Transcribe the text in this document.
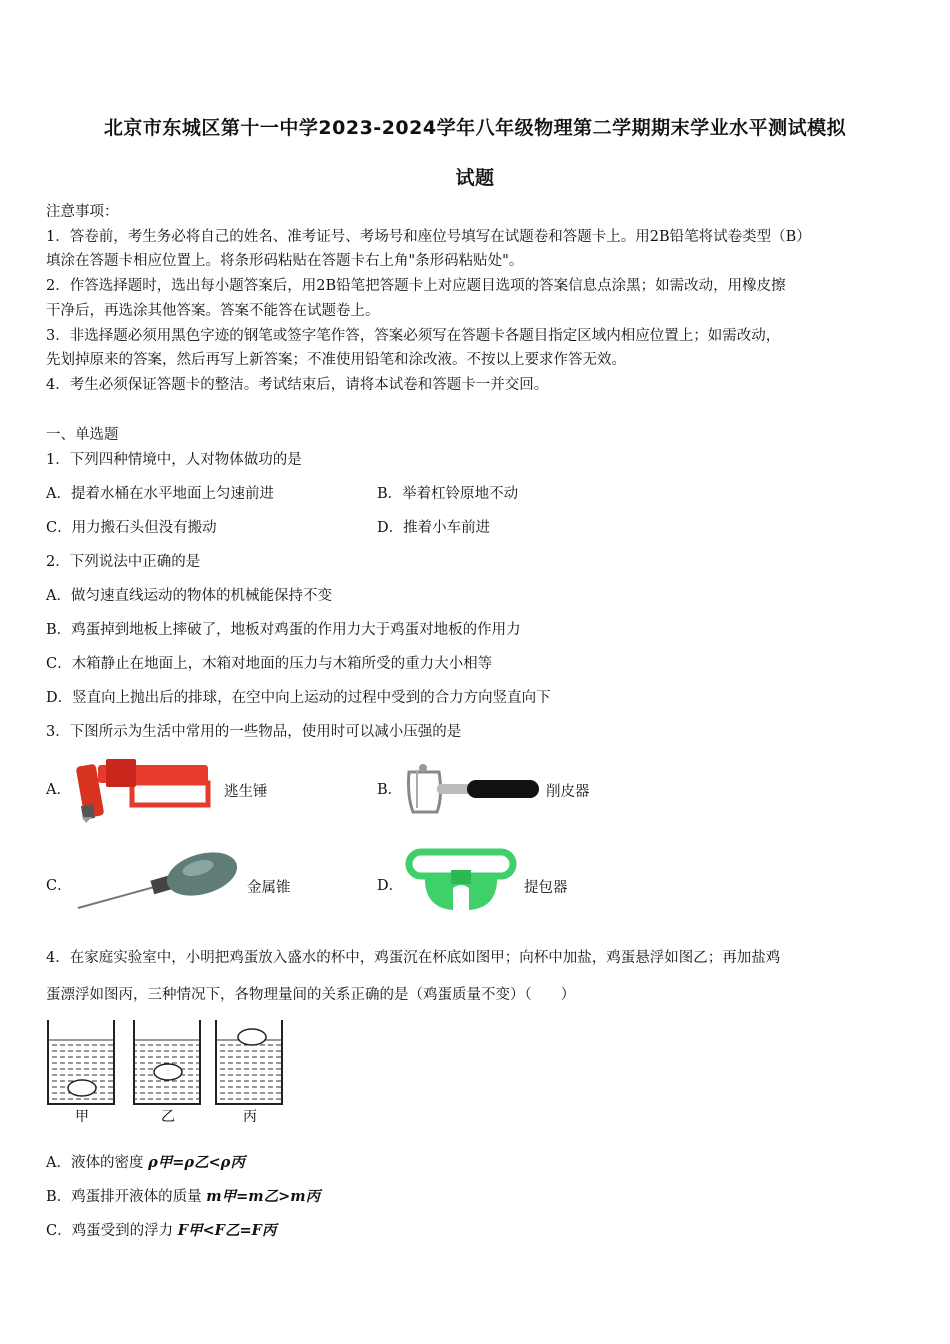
北京市东城区第十一中学2023-2024学年八年级物理第二学期期末学业水平测试模拟
试题
注意事项：
1．答卷前，考生务必将自己的姓名、准考证号、考场号和座位号填写在试题卷和答题卡上。用2B铅笔将试卷类型（B）
填涂在答题卡相应位置上。将条形码粘贴在答题卡右上角"条形码粘贴处"。
2．作答选择题时，选出每小题答案后，用2B铅笔把答题卡上对应题目选项的答案信息点涂黑；如需改动，用橡皮擦
干净后，再选涂其他答案。答案不能答在试题卷上。
3．非选择题必须用黑色字迹的钢笔或签字笔作答，答案必须写在答题卡各题目指定区域内相应位置上；如需改动，
先划掉原来的答案，然后再写上新答案；不准使用铅笔和涂改液。不按以上要求作答无效。
4．考生必须保证答题卡的整洁。考试结束后，请将本试卷和答题卡一并交回。
一、单选题
1．下列四种情境中，人对物体做功的是
A．提着水桶在水平地面上匀速前进	B．举着杠铃原地不动
C．用力搬石头但没有搬动	D．推着小车前进
2．下列说法中正确的是
A．做匀速直线运动的物体的机械能保持不变
B．鸡蛋掉到地板上摔破了，地板对鸡蛋的作用力大于鸡蛋对地板的作用力
C．木箱静止在地面上，木箱对地面的压力与木箱所受的重力大小相等
D．竖直向上抛出后的排球，在空中向上运动的过程中受到的合力方向竖直向下
3．下图所示为生活中常用的一些物品，使用时可以减小压强的是
A．	逃生锤	B．	削皮器
C．	金属锥	D．	提包器
4．在家庭实验室中，小明把鸡蛋放入盛水的杯中，鸡蛋沉在杯底如图甲；向杯中加盐，鸡蛋悬浮如图乙；再加盐鸡
蛋漂浮如图丙，三种情况下，各物理量间的关系正确的是（鸡蛋质量不变）（　　）
甲	乙	丙
A．液体的密度 ρ甲=ρ乙<ρ丙
B．鸡蛋排开液体的质量 m甲=m乙>m丙
C．鸡蛋受到的浮力 F甲<F乙=F丙
